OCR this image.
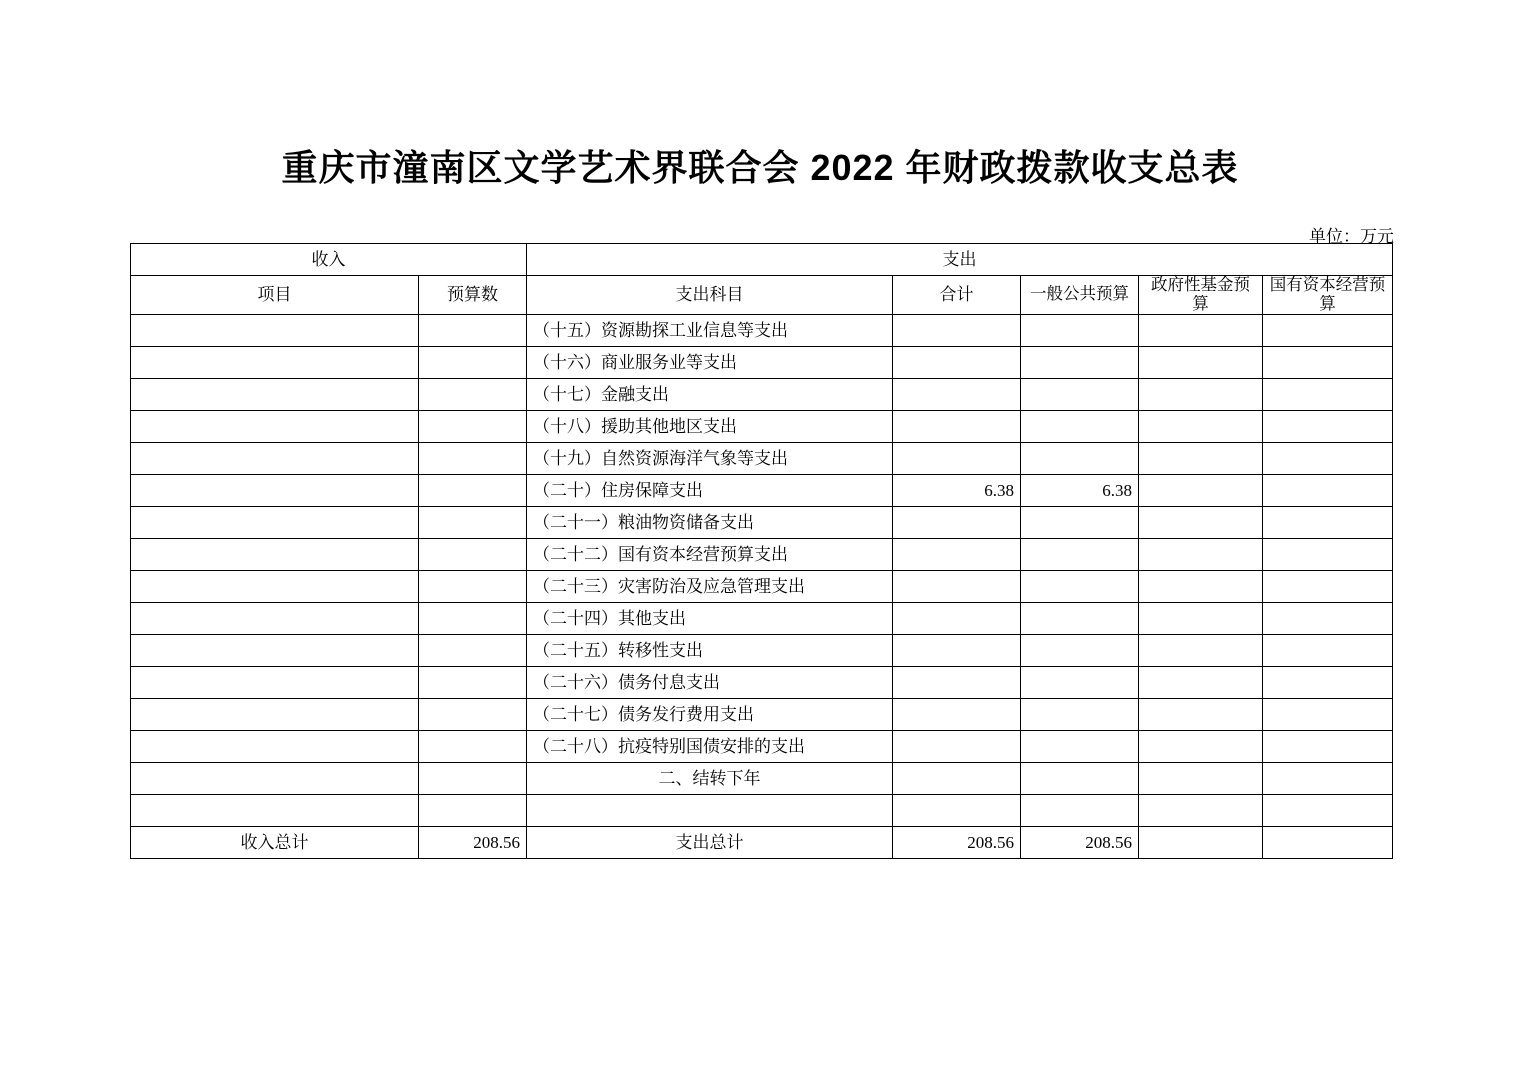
重庆市潼南区文学艺术界联合会 2022 年财政拨款收支总表
单位：万元
收入		支出				
项目	预算数	支出科目	合计	一般公共预算	政府性基金预算	国有资本经营预算
		（十五）资源勘探工业信息等支出				
		（十六）商业服务业等支出				
		（十七）金融支出				
		（十八）援助其他地区支出				
		（十九）自然资源海洋气象等支出				
		（二十）住房保障支出	6.38	6.38		
		（二十一）粮油物资储备支出				
		（二十二）国有资本经营预算支出				
		（二十三）灾害防治及应急管理支出				
		（二十四）其他支出				
		（二十五）转移性支出				
		（二十六）债务付息支出				
		（二十七）债务发行费用支出				
		（二十八）抗疫特别国债安排的支出				
		二、结转下年				

收入总计	208.56	支出总计	208.56	208.56		
